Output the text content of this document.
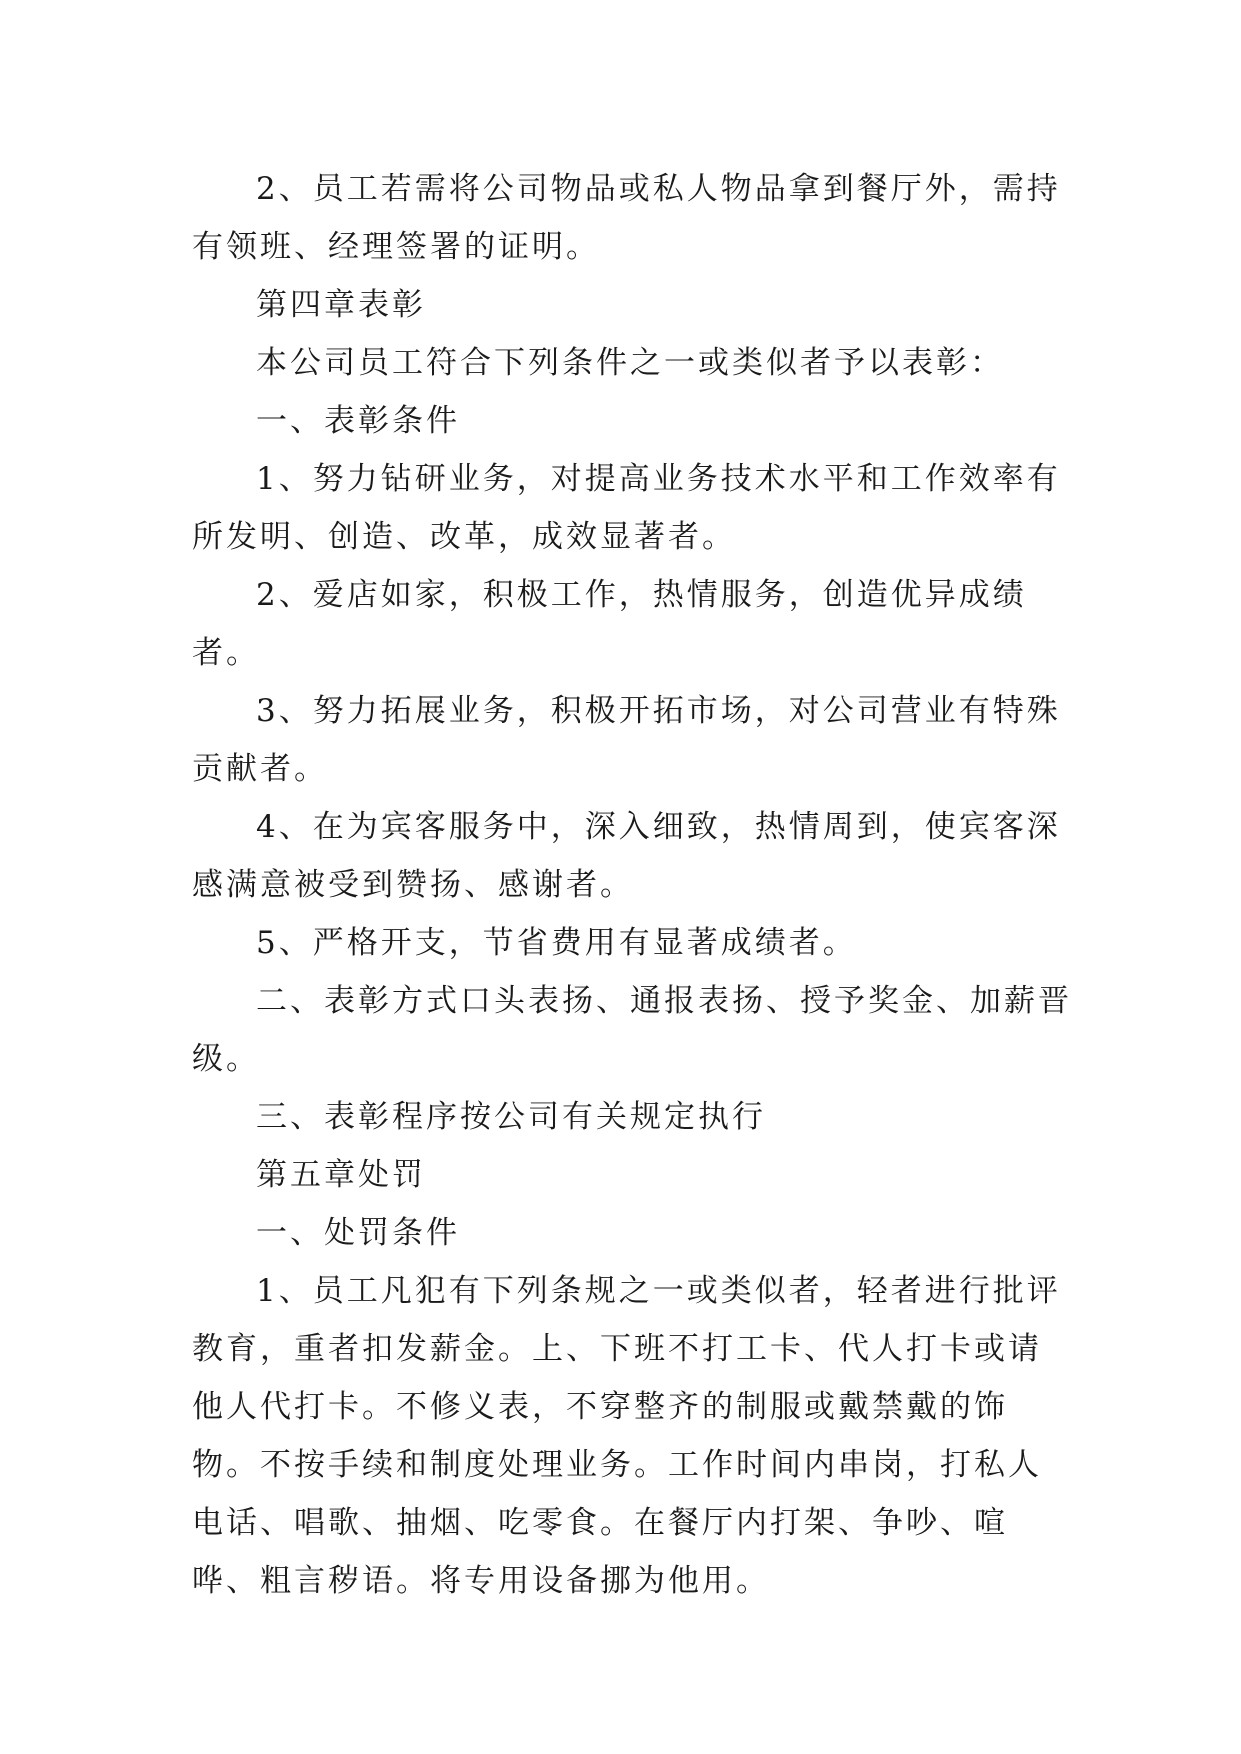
2、员工若需将公司物品或私人物品拿到餐厅外，需持有领班、经理签署的证明。

第四章表彰

本公司员工符合下列条件之一或类似者予以表彰：

一、表彰条件

1、努力钻研业务，对提高业务技术水平和工作效率有所发明、创造、改革，成效显著者。

2、爱店如家，积极工作，热情服务，创造优异成绩者。

3、努力拓展业务，积极开拓市场，对公司营业有特殊贡献者。

4、在为宾客服务中，深入细致，热情周到，使宾客深感满意被受到赞扬、感谢者。

5、严格开支，节省费用有显著成绩者。

二、表彰方式口头表扬、通报表扬、授予奖金、加薪晋级。

三、表彰程序按公司有关规定执行

第五章处罚

一、处罚条件

1、员工凡犯有下列条规之一或类似者，轻者进行批评教育，重者扣发薪金。上、下班不打工卡、代人打卡或请他人代打卡。不修义表，不穿整齐的制服或戴禁戴的饰物。不按手续和制度处理业务。工作时间内串岗，打私人电话、唱歌、抽烟、吃零食。在餐厅内打架、争吵、喧哗、粗言秽语。将专用设备挪为他用。
